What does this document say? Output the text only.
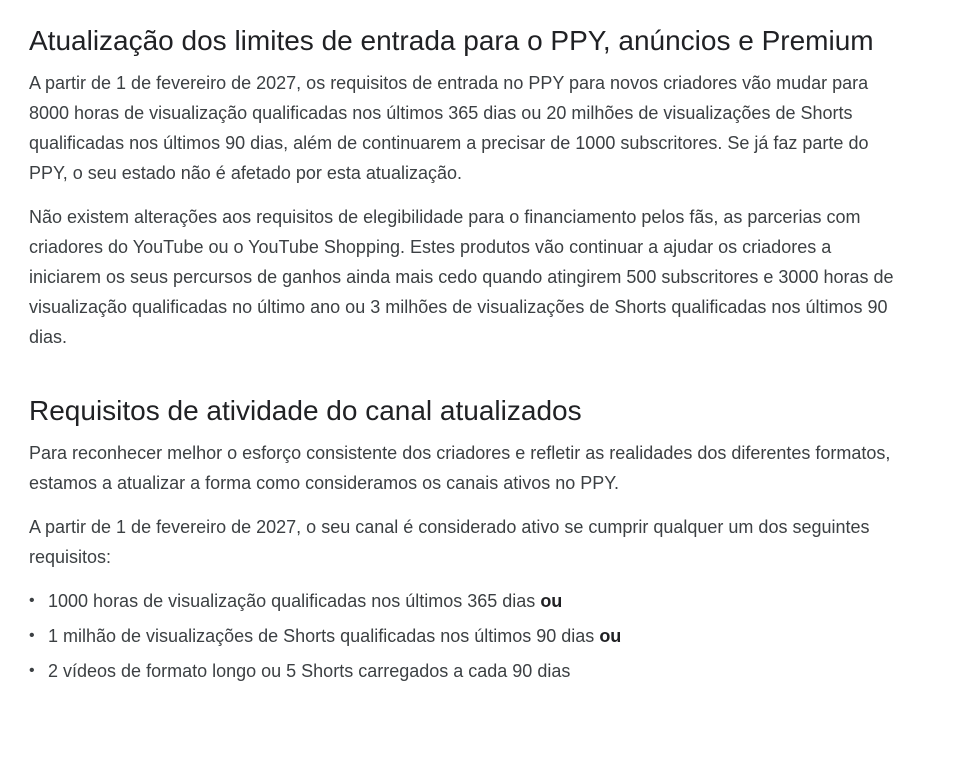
Atualização dos limites de entrada para o PPY, anúncios e Premium

A partir de 1 de fevereiro de 2027, os requisitos de entrada no PPY para novos criadores vão mudar para 8000 horas de visualização qualificadas nos últimos 365 dias ou 20 milhões de visualizações de Shorts qualificadas nos últimos 90 dias, além de continuarem a precisar de 1000 subscritores. Se já faz parte do PPY, o seu estado não é afetado por esta atualização.

Não existem alterações aos requisitos de elegibilidade para o financiamento pelos fãs, as parcerias com criadores do YouTube ou o YouTube Shopping. Estes produtos vão continuar a ajudar os criadores a iniciarem os seus percursos de ganhos ainda mais cedo quando atingirem 500 subscritores e 3000 horas de visualização qualificadas no último ano ou 3 milhões de visualizações de Shorts qualificadas nos últimos 90 dias.

Requisitos de atividade do canal atualizados

Para reconhecer melhor o esforço consistente dos criadores e refletir as realidades dos diferentes formatos, estamos a atualizar a forma como consideramos os canais ativos no PPY.

A partir de 1 de fevereiro de 2027, o seu canal é considerado ativo se cumprir qualquer um dos seguintes requisitos:

• 1000 horas de visualização qualificadas nos últimos 365 dias ou
• 1 milhão de visualizações de Shorts qualificadas nos últimos 90 dias ou
• 2 vídeos de formato longo ou 5 Shorts carregados a cada 90 dias
